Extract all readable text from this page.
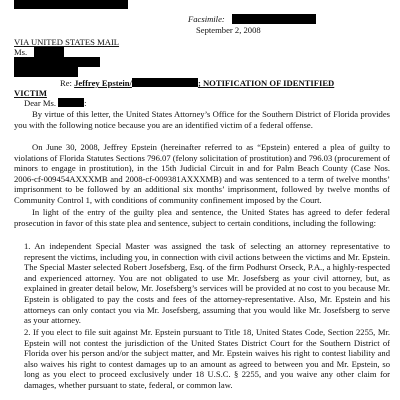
Facsimile:
September 2, 2008
VIA UNITED STATES MAIL
Ms.
Re: Jeffrey Epstein/	; NOTIFICATION OF IDENTIFIED
VICTIM
Dear Ms.	:
By virtue of this letter, the United States Attorney’s Office for the Southern District of Florida provides you with the following notice because you are an identified victim of a federal offense.
On June 30, 2008, Jeffrey Epstein (hereinafter referred to as “Epstein) entered a plea of guilty to violations of Florida Statutes Sections 796.07 (felony solicitation of prostitution) and 796.03 (procurement of minors to engage in prostitution), in the 15th Judicial Circuit in and for Palm Beach County (Case Nos. 2006-cf-009454AXXXMB and 2008-cf-009381AXXXMB) and was sentenced to a term of twelve months’ imprisonment to be followed by an additional six months’ imprisonment, followed by twelve months of Community Control 1, with conditions of community confinement imposed by the Court.
In light of the entry of the guilty plea and sentence, the United States has agreed to defer federal prosecution in favor of this state plea and sentence, subject to certain conditions, including the following:
1. An independent Special Master was assigned the task of selecting an attorney representative to represent the victims, including you, in connection with civil actions between the victims and Mr. Epstein. The Special Master selected Robert Josefsberg, Esq. of the firm Podhurst Orseck, P.A., a highly-respected and experienced attorney. You are not obligated to use Mr. Josefsberg as your civil attorney, but, as explained in greater detail below, Mr. Josefsberg’s services will be provided at no cost to you because Mr. Epstein is obligated to pay the costs and fees of the attorney-representative. Also, Mr. Epstein and his attorneys can only contact you via Mr. Josefsberg, assuming that you would like Mr. Josefsberg to serve as your attorney.
2. If you elect to file suit against Mr. Epstein pursuant to Title 18, United States Code, Section 2255, Mr. Epstein will not contest the jurisdiction of the United States District Court for the Southern District of Florida over his person and/or the subject matter, and Mr. Epstein waives his right to contest liability and also waives his right to contest damages up to an amount as agreed to between you and Mr. Epstein, so long as you elect to proceed exclusively under 18 U.S.C. § 2255, and you waive any other claim for damages, whether pursuant to state, federal, or common law.
